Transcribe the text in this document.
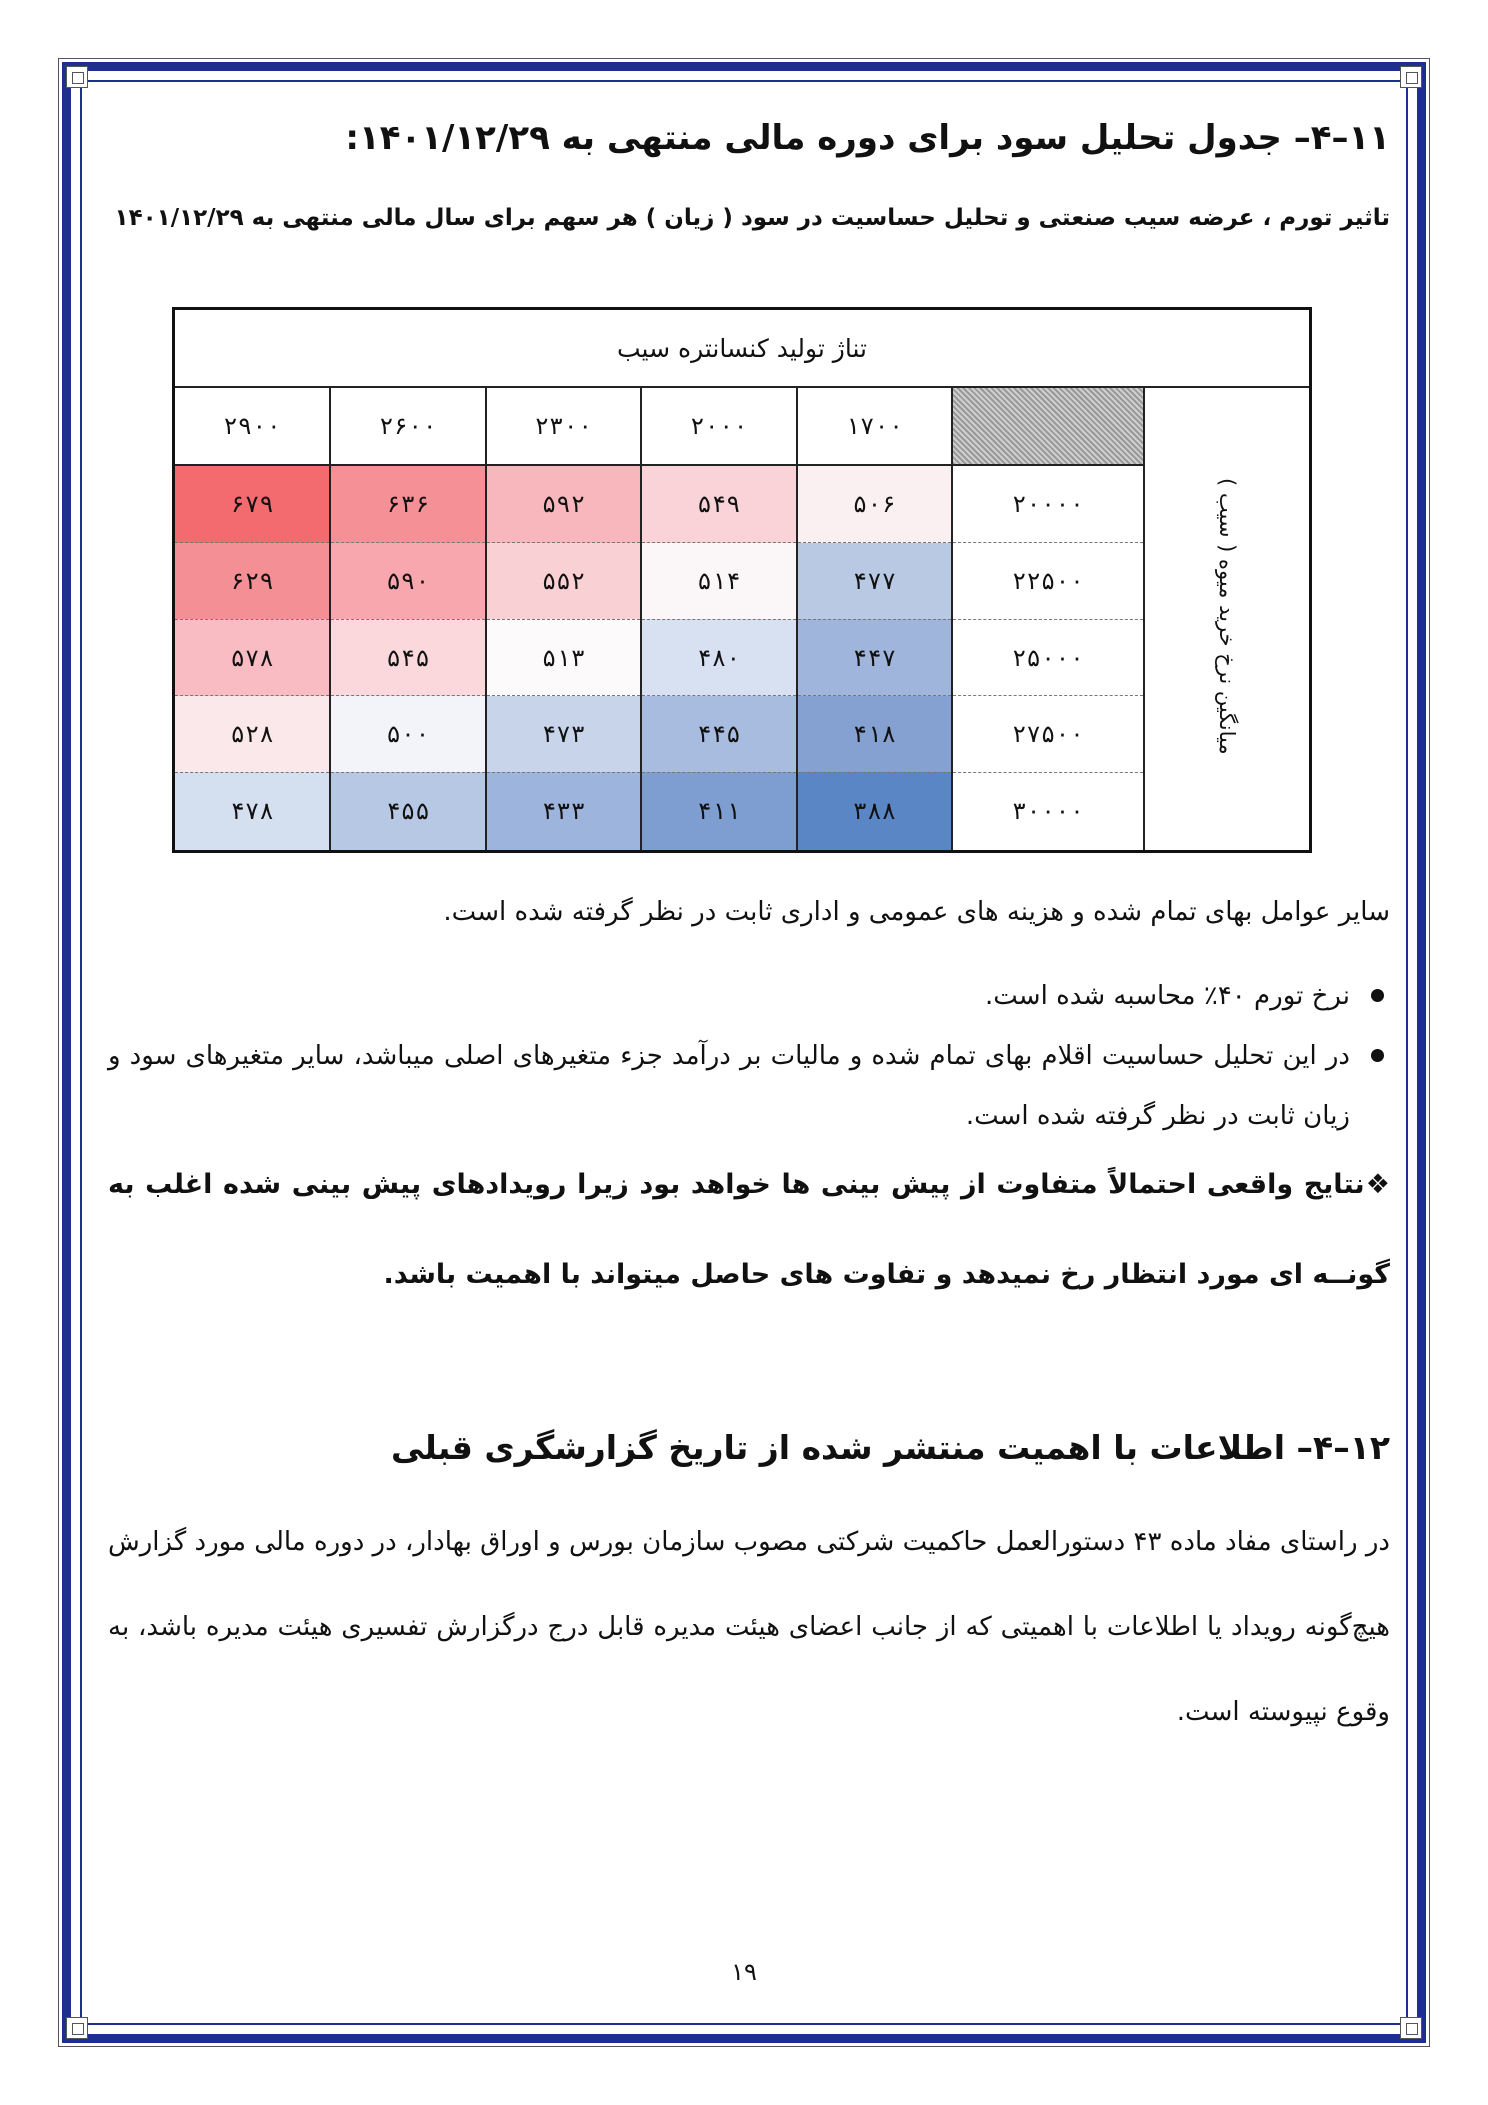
۱۱–۴– جدول تحلیل سود برای دوره مالی منتهی به ۱۴۰۱/۱۲/۲۹:
تاثیر تورم ، عرضه سیب صنعتی و تحلیل حساسیت در سود ( زیان ) هر سهم برای سال مالی منتهی به ۱۴۰۱/۱۲/۲۹
تناژ تولید کنسانتره سیب						
میانگین نرخ خرید میوه ( سیب )		۱۷۰۰	۲۰۰۰	۲۳۰۰	۲۶۰۰	۲۹۰۰
	۲۰۰۰۰	۵۰۶	۵۴۹	۵۹۲	۶۳۶	۶۷۹
	۲۲۵۰۰	۴۷۷	۵۱۴	۵۵۲	۵۹۰	۶۲۹
	۲۵۰۰۰	۴۴۷	۴۸۰	۵۱۳	۵۴۵	۵۷۸
	۲۷۵۰۰	۴۱۸	۴۴۵	۴۷۳	۵۰۰	۵۲۸
	۳۰۰۰۰	۳۸۸	۴۱۱	۴۳۳	۴۵۵	۴۷۸
سایر عوامل بهای تمام شده و هزینه های عمومی و اداری ثابت در نظر گرفته شده است.
نرخ تورم ۴۰٪ محاسبه شده است.
در این تحلیل حساسیت اقلام بهای تمام شده و مالیات بر درآمد جزء متغیرهای اصلی میباشد، سایر متغیرهای سود و زیان ثابت در نظر گرفته شده است.
❖نتایج واقعی احتمالاً متفاوت از پیش بینی ها خواهد بود زیرا رویدادهای پیش بینی شده اغلب به گونــه ای مورد انتظار رخ نمیدهد و تفاوت های حاصل میتواند با اهمیت باشد.
۱۲–۴– اطلاعات با اهمیت منتشر شده از تاریخ گزارشگری قبلی
در راستای مفاد ماده ۴۳ دستورالعمل حاکمیت شرکتی مصوب سازمان بورس و اوراق بهادار، در دوره مالی مورد گزارش هیچ‌گونه رویداد یا اطلاعات با اهمیتی که از جانب اعضای هیئت مدیره قابل درج درگزارش تفسیری هیئت مدیره باشد، به وقوع نپیوسته است.
۱۹
